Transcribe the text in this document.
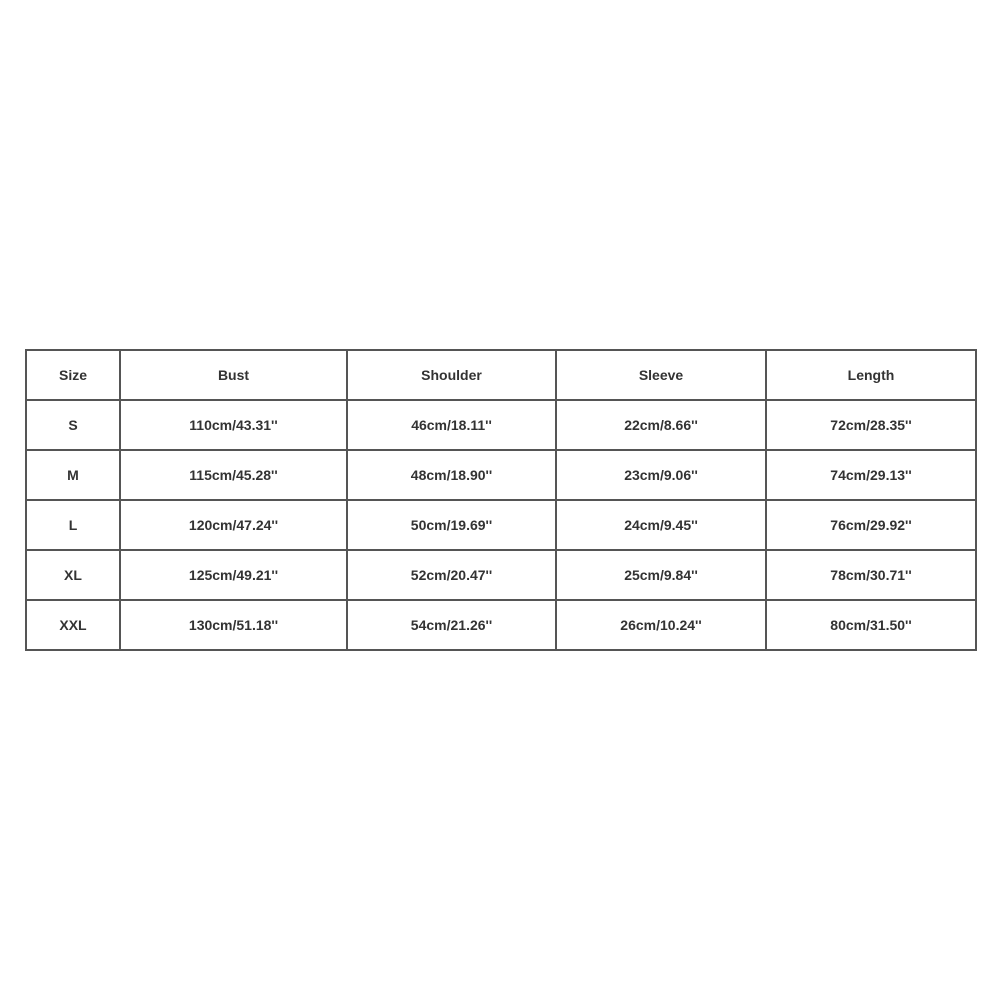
Size	Bust	Shoulder	Sleeve	Length
S	110cm/43.31''	46cm/18.11''	22cm/8.66''	72cm/28.35''
M	115cm/45.28''	48cm/18.90''	23cm/9.06''	74cm/29.13''
L	120cm/47.24''	50cm/19.69''	24cm/9.45''	76cm/29.92''
XL	125cm/49.21''	52cm/20.47''	25cm/9.84''	78cm/30.71''
XXL	130cm/51.18''	54cm/21.26''	26cm/10.24''	80cm/31.50''
